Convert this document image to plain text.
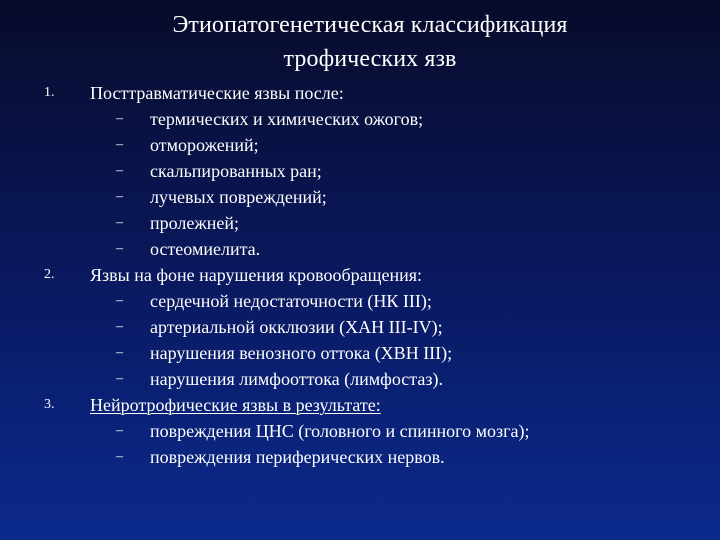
Этиопатогенетическая классификация
трофических язв
1.	Посттравматические язвы после:
–	термических и химических ожогов;
–	отморожений;
–	скальпированных ран;
–	лучевых повреждений;
–	пролежней;
–	остеомиелита.
2.	Язвы на фоне нарушения кровообращения:
–	сердечной недостаточности (НК III);
–	артериальной окклюзии (ХАН III-IV);
–	нарушения венозного оттока (ХВН III);
–	нарушения лимфооттока (лимфостаз).
3.	Нейротрофические язвы в результате:
–	повреждения ЦНС (головного и спинного мозга);
–	повреждения периферических нервов.
